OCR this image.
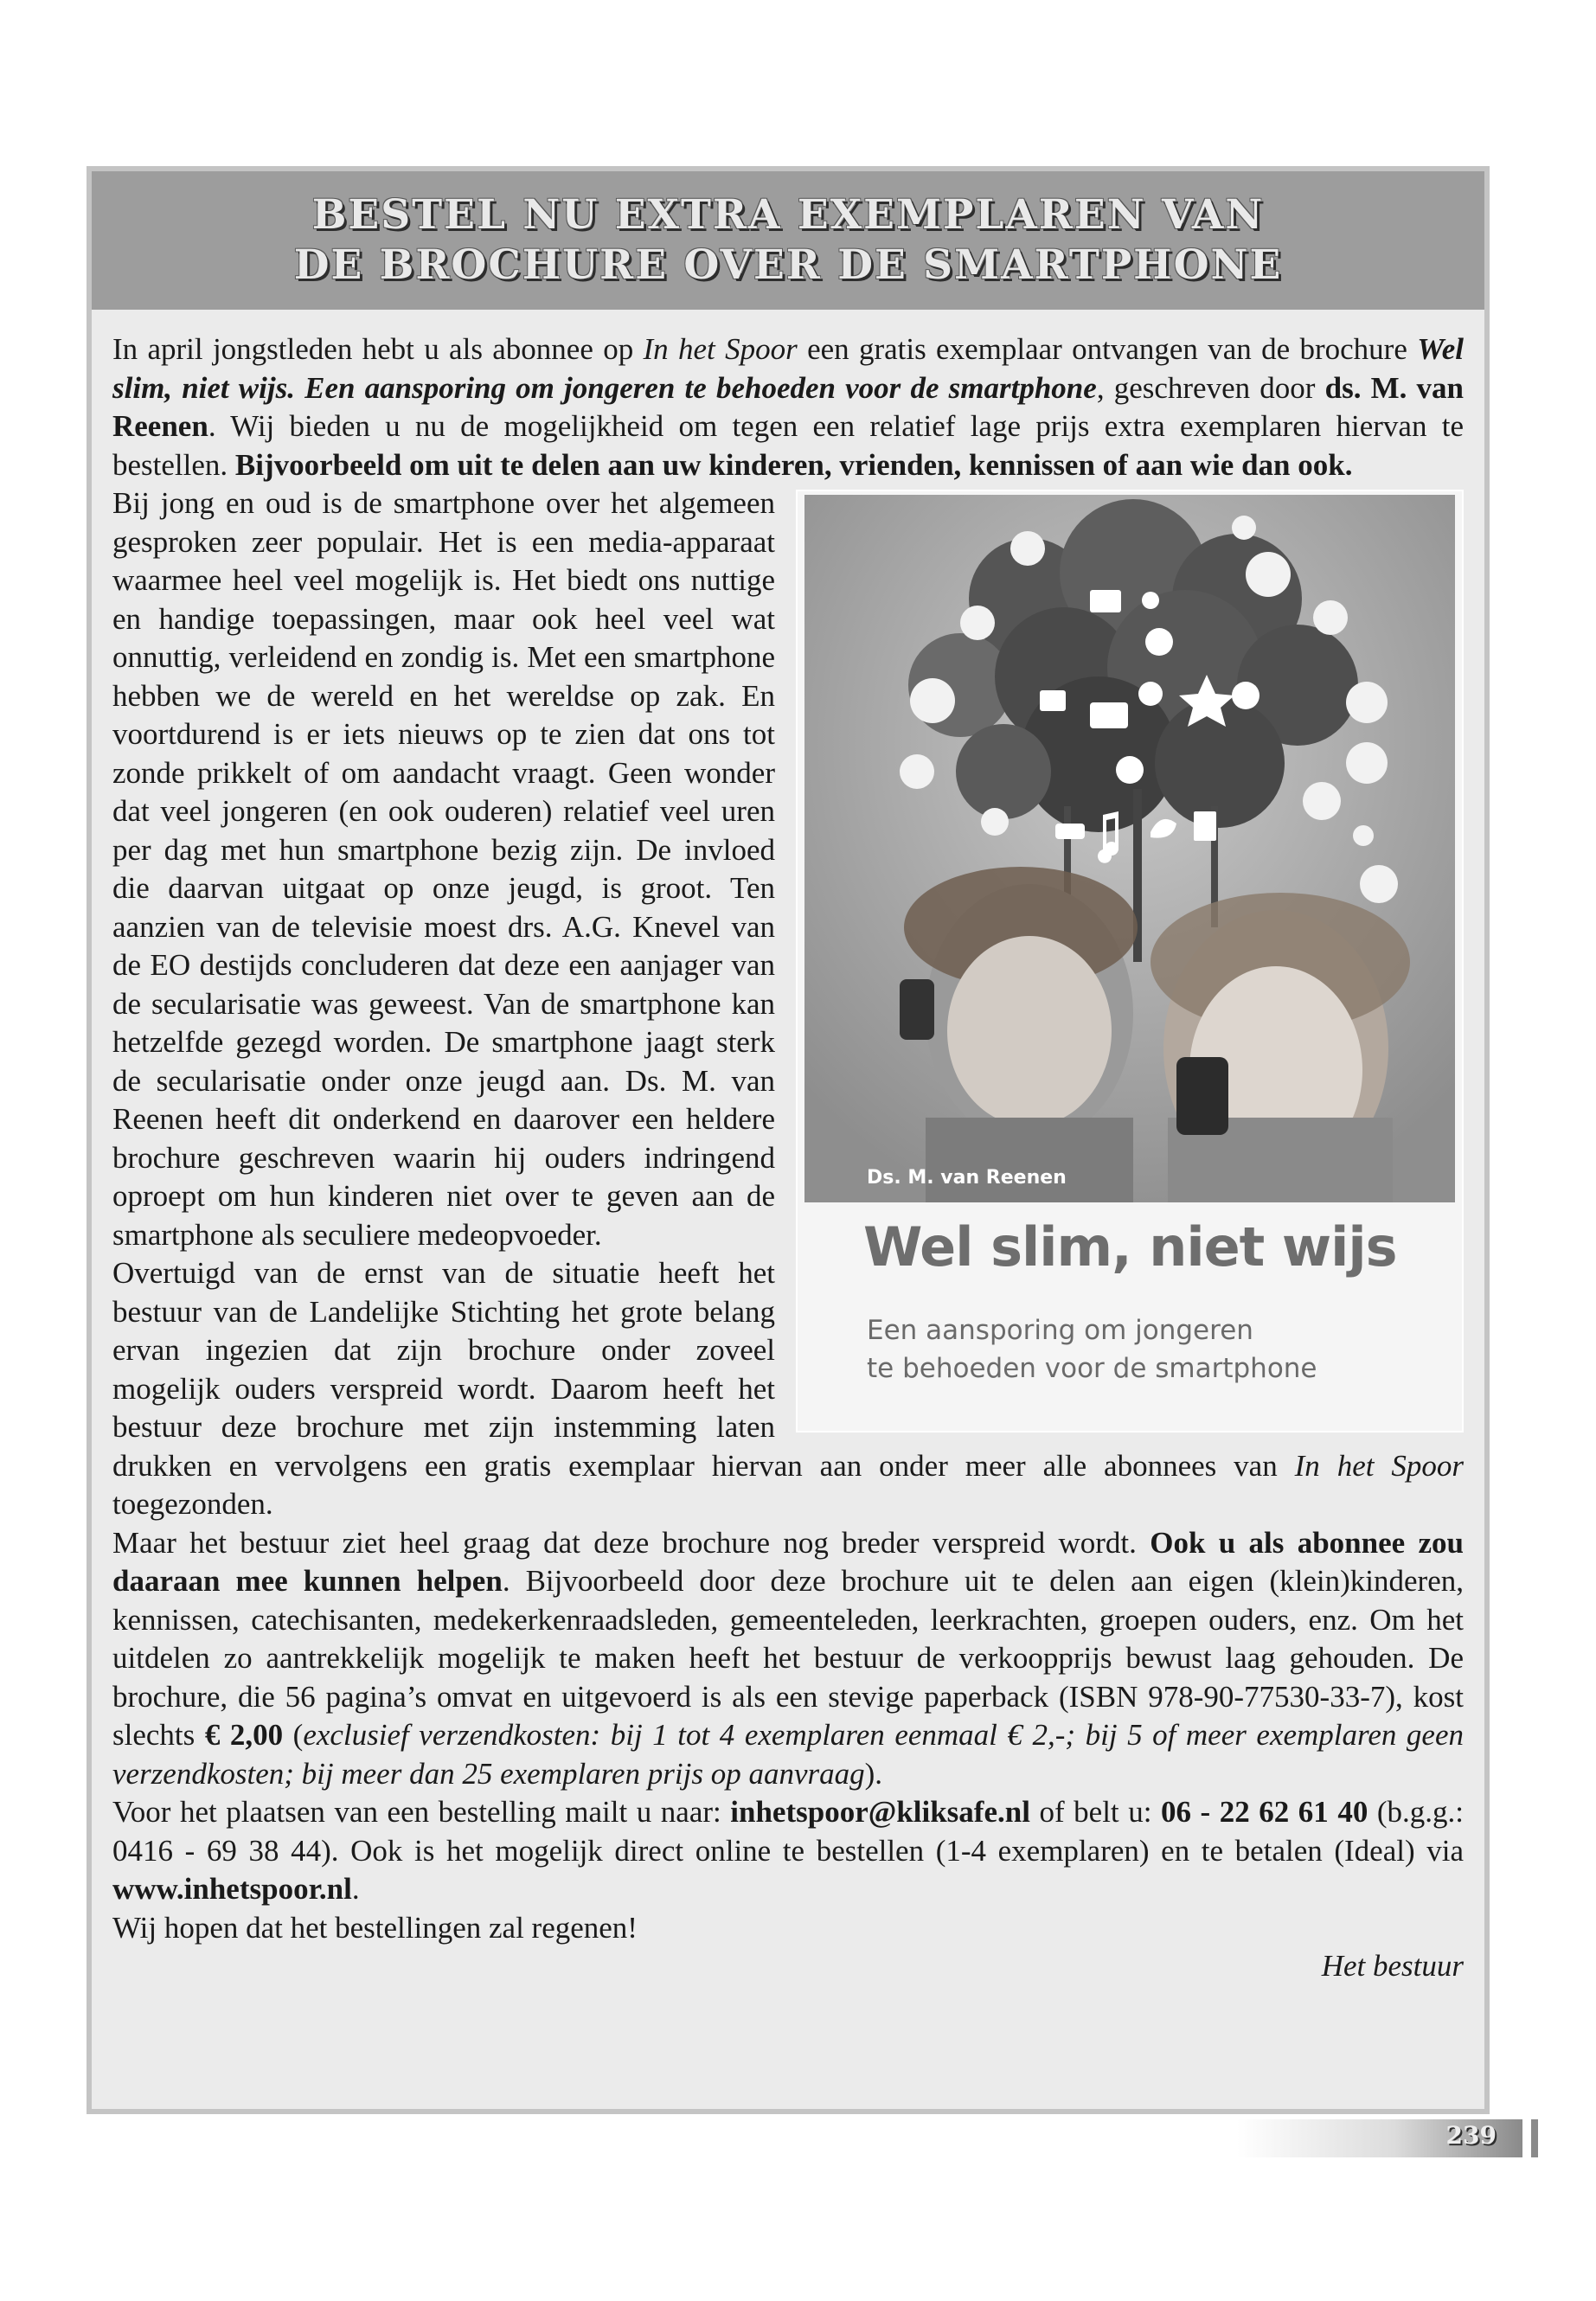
BESTEL NU EXTRA EXEMPLAREN VAN
DE BROCHURE OVER DE SMARTPHONE

In april jongstleden hebt u als abonnee op In het Spoor een gratis exemplaar ontvangen van de brochure Wel slim, niet wijs. Een aansporing om jongeren te behoeden voor de smartphone, geschreven door ds. M. van Reenen. Wij bieden u nu de mogelijkheid om tegen een relatief lage prijs extra exemplaren hiervan te bestellen. Bijvoorbeeld om uit te delen aan uw kinderen, vrienden, kennissen of aan wie dan ook.

Ds. M. van Reenen
Wel slim, niet wijs
Een aansporing om jongeren
te behoeden voor de smartphone

Bij jong en oud is de smartphone over het algemeen gesproken zeer populair. Het is een media-apparaat waarmee heel veel mogelijk is. Het biedt ons nuttige en handige toepassingen, maar ook heel veel wat onnuttig, verleidend en zondig is. Met een smartphone hebben we de wereld en het wereldse op zak. En voortdurend is er iets nieuws op te zien dat ons tot zonde prikkelt of om aandacht vraagt. Geen wonder dat veel jongeren (en ook ouderen) relatief veel uren per dag met hun smartphone bezig zijn. De invloed die daarvan uitgaat op onze jeugd, is groot. Ten aanzien van de televisie moest drs. A.G. Knevel van de EO destijds concluderen dat deze een aanjager van de secularisatie was geweest. Van de smartphone kan hetzelfde gezegd worden. De smartphone jaagt sterk de secularisatie onder onze jeugd aan. Ds. M. van Reenen heeft dit onderkend en daarover een heldere brochure geschreven waarin hij ouders indringend oproept om hun kinderen niet over te geven aan de smartphone als seculiere medeopvoeder.

Overtuigd van de ernst van de situatie heeft het bestuur van de Landelijke Stichting het grote belang ervan ingezien dat zijn brochure onder zoveel mogelijk ouders verspreid wordt. Daarom heeft het bestuur deze brochure met zijn instemming laten drukken en vervolgens een gratis exemplaar hiervan aan onder meer alle abonnees van In het Spoor toegezonden.

Maar het bestuur ziet heel graag dat deze brochure nog breder verspreid wordt. Ook u als abonnee zou daaraan mee kunnen helpen. Bijvoorbeeld door deze brochure uit te delen aan eigen (klein)kinderen, kennissen, catechisanten, medekerkenraadsleden, gemeenteleden, leerkrachten, groepen ouders, enz. Om het uitdelen zo aantrekkelijk mogelijk te maken heeft het bestuur de verkoopprijs bewust laag gehouden. De brochure, die 56 pagina’s omvat en uitgevoerd is als een stevige paperback (ISBN 978-90-77530-33-7), kost slechts € 2,00 (exclusief verzendkosten: bij 1 tot 4 exemplaren eenmaal € 2,-; bij 5 of meer exemplaren geen verzendkosten; bij meer dan 25 exemplaren prijs op aanvraag).

Voor het plaatsen van een bestelling mailt u naar: inhetspoor@kliksafe.nl of belt u: 06 - 22 62 61 40 (b.g.g.: 0416 - 69 38 44). Ook is het mogelijk direct online te bestellen (1-4 exemplaren) en te betalen (Ideal) via www.inhetspoor.nl.

Wij hopen dat het bestellingen zal regenen!

Het bestuur

239
